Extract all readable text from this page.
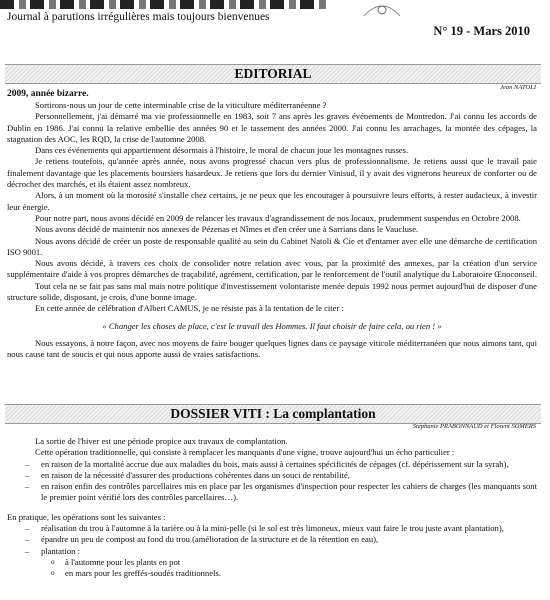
Journal à parutions irrégulières mais toujours bienvenues
N° 19 - Mars 2010
EDITORIAL
Jean NATOLI

2009, année bizarre.

Sortirons-nous un jour de cette interminable crise de la viticulture méditerranéenne ?

Personnellement, j'ai démarré ma vie professionnelle en 1983, soit 7 ans après les graves événements de Montredon. J'ai connu les accords de Dublin en 1986. J'ai connu la relative embellie des années 90 et le tassement des années 2000. J'ai connu les arrachages, la montée des cépages, la stagnation des AOC, les RQD, la crise de l'automne 2008.

Dans ces événements qui appartiennent désormais à l'histoire, le moral de chacun joue les montagnes russes.

Je retiens toutefois, qu'année après année, nous avons progressé chacun vers plus de professionnalisme. Je retiens aussi que le travail paie finalement davantage que les placements boursiers hasardeux. Je retiens que lors du dernier Vinisud, il y avait des vignerons heureux de conforter ou de décrocher des marchés, et ils étaient assez nombreux.

Alors, à un moment où la morosité s'installe chez certains, je ne peux que les encourager à poursuivre leurs efforts, à rester audacieux, à investir leur énergie.

Pour notre part, nous avons décidé en 2009 de relancer les travaux d'agrandissement de nos locaux, prudemment suspendus en Octobre 2008.

Nous avons décidé de maintenir nos annexes de Pézenas et Nîmes et d'en créer une à Sarrians dans le Vaucluse.

Nous avons décidé de créer un poste de responsable qualité au sein du Cabinet Natoli & Cie et d'entamer avec elle une démarche de certification ISO 9001.

Nous avons décidé, à travers ces choix de consolider notre relation avec vous, par la proximité des annexes, par la création d'un service supplémentaire d'aide à vos propres démarches de traçabilité, agrément, certification, par le renforcement de l'outil analytique du Laboratoire Œnoconseil.

Tout cela ne se fait pas sans mal mais notre politique d'investissement volontariste menée depuis 1992 nous permet aujourd'hui de disposer d'une structure solide, disposant, je crois, d'une bonne image.

En cette année de célébration d'Albert CAMUS, je ne résiste pas à la tentation de le citer :

« Changer les choses de place, c'est le travail des Hommes. Il faut choisir de faire cela, ou rien ! »

Nous essayons, à notre façon, avec nos moyens de faire bouger quelques lignes dans ce paysage viticole méditerranéen que nous aimons tant, qui nous cause tant de soucis et qui nous apporte aussi de vraies satisfactions.

DOSSIER VITI : La complantation
Stéphanie PRABONNAUD et Florent SOMERS

La sortie de l'hiver est une période propice aux travaux de complantation.

Cette opération traditionnelle, qui consiste à remplacer les manquants d'une vigne, trouve aujourd'hui un écho particulier :

– en raison de la mortalité accrue due aux maladies du bois, mais aussi à certaines spécificités de cépages (cf. dépérissement sur la syrah),
– en raison de la nécessité d'assurer des productions cohérentes dans un souci de rentabilité,
– en raison enfin des contrôles parcellaires mis en place par les organismes d'inspection pour respecter les cahiers de charges (les manquants sont le premier point vérifié lors des contrôles parcellaires…).

En pratique, les opérations sont les suivantes :

– réalisation du trou à l'automne à la tarière ou à la mini-pelle (si le sol est très limoneux, mieux vaut faire le trou juste avant plantation),
– épandre un peu de compost au fond du trou (amélioration de la structure et de la rétention en eau),
– plantation :
o à l'automne pour les plants en pot
o en mars pour les greffés-soudés traditionnels.
